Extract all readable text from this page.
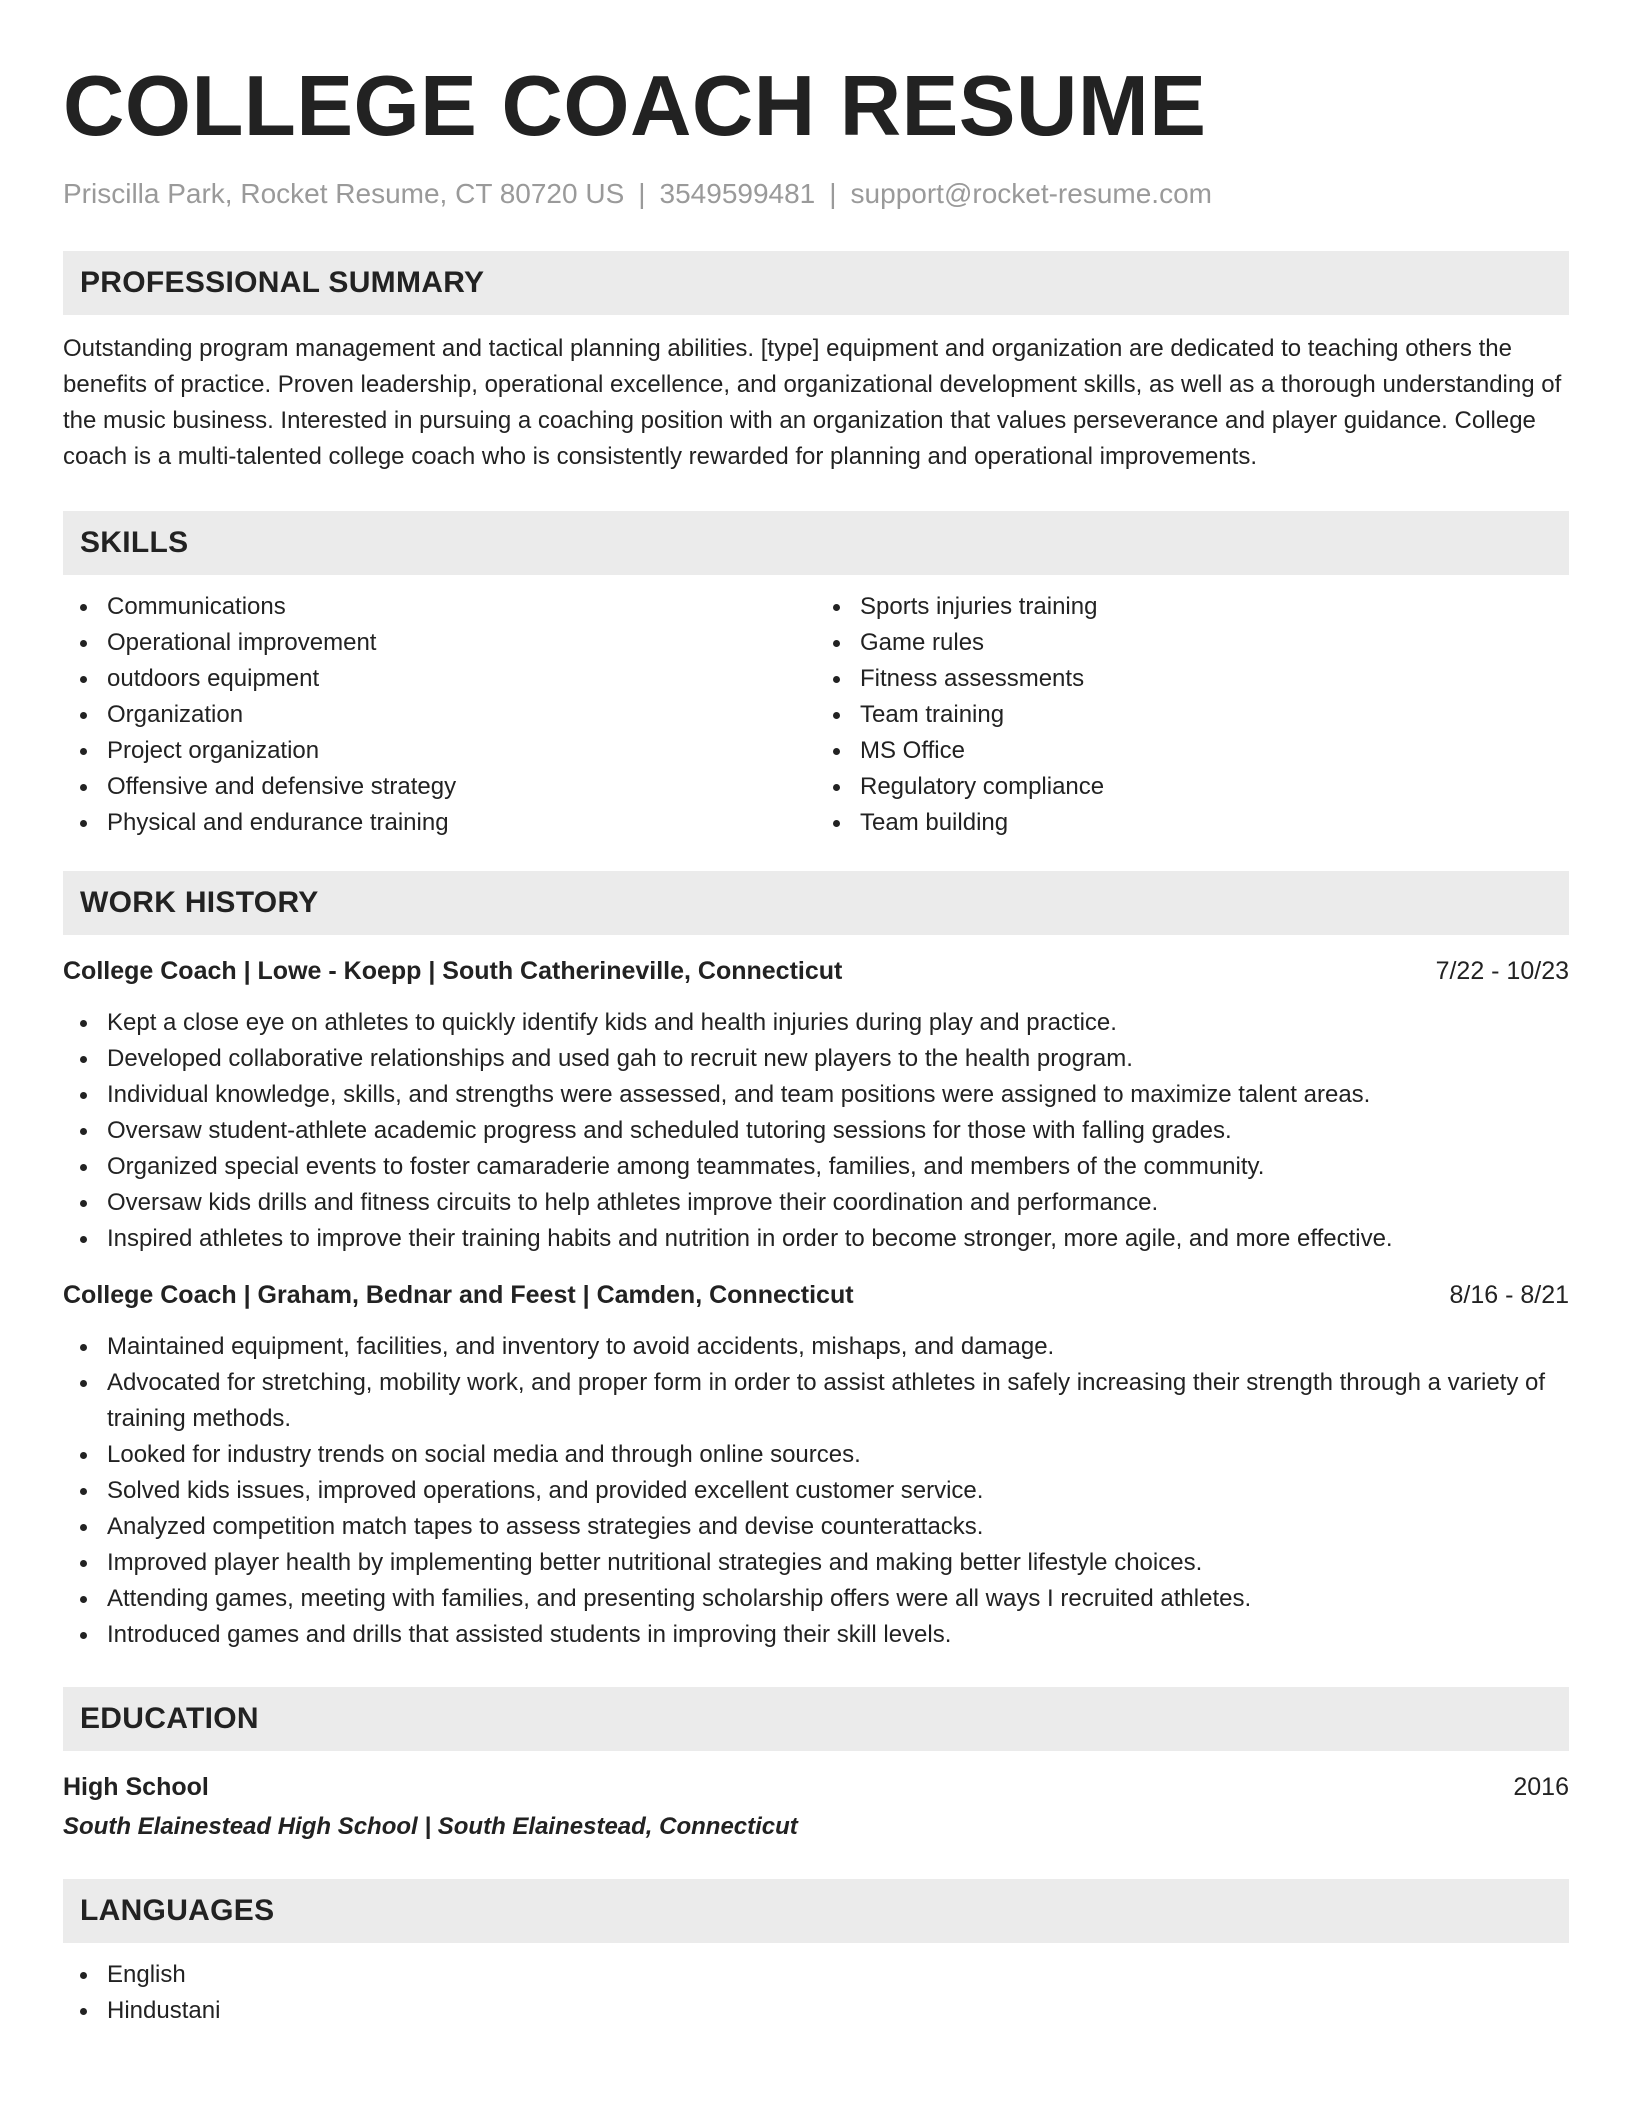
COLLEGE COACH RESUME
Priscilla Park, Rocket Resume, CT 80720 US | 3549599481 | support@rocket-resume.com
PROFESSIONAL SUMMARY
Outstanding program management and tactical planning abilities. [type] equipment and organization are dedicated to teaching others the benefits of practice. Proven leadership, operational excellence, and organizational development skills, as well as a thorough understanding of the music business. Interested in pursuing a coaching position with an organization that values perseverance and player guidance. College coach is a multi-talented college coach who is consistently rewarded for planning and operational improvements.
SKILLS
Communications
Operational improvement
outdoors equipment
Organization
Project organization
Offensive and defensive strategy
Physical and endurance training
Sports injuries training
Game rules
Fitness assessments
Team training
MS Office
Regulatory compliance
Team building
WORK HISTORY
College Coach | Lowe - Koepp | South Catherineville, Connecticut	7/22 - 10/23
Kept a close eye on athletes to quickly identify kids and health injuries during play and practice.
Developed collaborative relationships and used gah to recruit new players to the health program.
Individual knowledge, skills, and strengths were assessed, and team positions were assigned to maximize talent areas.
Oversaw student-athlete academic progress and scheduled tutoring sessions for those with falling grades.
Organized special events to foster camaraderie among teammates, families, and members of the community.
Oversaw kids drills and fitness circuits to help athletes improve their coordination and performance.
Inspired athletes to improve their training habits and nutrition in order to become stronger, more agile, and more effective.
College Coach | Graham, Bednar and Feest | Camden, Connecticut	8/16 - 8/21
Maintained equipment, facilities, and inventory to avoid accidents, mishaps, and damage.
Advocated for stretching, mobility work, and proper form in order to assist athletes in safely increasing their strength through a variety of training methods.
Looked for industry trends on social media and through online sources.
Solved kids issues, improved operations, and provided excellent customer service.
Analyzed competition match tapes to assess strategies and devise counterattacks.
Improved player health by implementing better nutritional strategies and making better lifestyle choices.
Attending games, meeting with families, and presenting scholarship offers were all ways I recruited athletes.
Introduced games and drills that assisted students in improving their skill levels.
EDUCATION
High School	2016
South Elainestead High School | South Elainestead, Connecticut
LANGUAGES
English
Hindustani
